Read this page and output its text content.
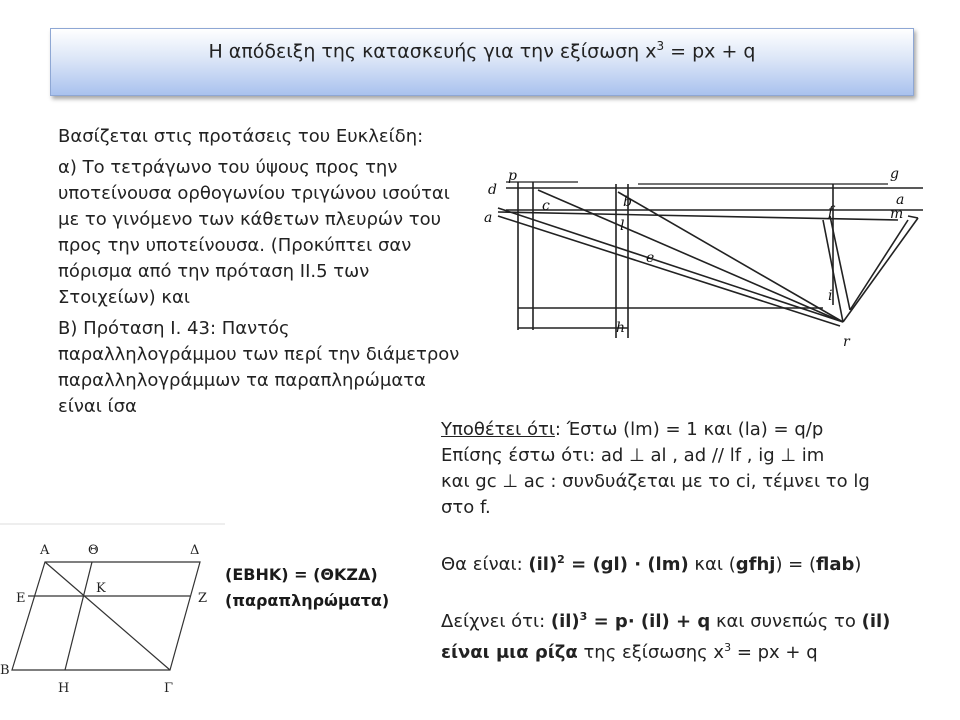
Η απόδειξη της κατασκευής για την εξίσωση $x^3$ = px + q

Βασίζεται στις προτάσεις του Ευκλείδη:

α) Το τετράγωνο του ύψους προς την υποτείνουσα ορθογωνίου τριγώνου ισούται με το γινόμενο των κάθετων πλευρών του προς την υποτείνουσα. (Προκύπτει σαν πόρισμα από την πρόταση II.5 των Στοιχείων) και

Β) Πρόταση Ι. 43: Παντός παραλληλογράμμου των περί την διάμετρον παραλληλογράμμων τα παραπληρώματα είναι ίσα

p
d
a
c	b
g
a
l
m
f
e
i
h
r
Α	Θ	Δ
Ε
Κ
Ζ
Β
Η	Γ
(ΕΒΗΚ) = (ΘΚΖΔ)
(παραπληρώματα)
Υποθέτει ότι: Έστω (lm) = 1 και (la) = q/p
Επίσης έστω ότι: ad ⊥ al , ad // lf , ig ⊥ im
και gc ⊥ ac : συνδυάζεται με το ci, τέμνει το lg
στο f.
Θα είναι: (il)$^2$ = (gl) · (lm) και (gfhj) = (flab)
Δείχνει ότι: (il)$^3$ = p· (il) + q και συνεπώς το (il)
είναι μια ρίζα της εξίσωσης $x^3$ = px + q
